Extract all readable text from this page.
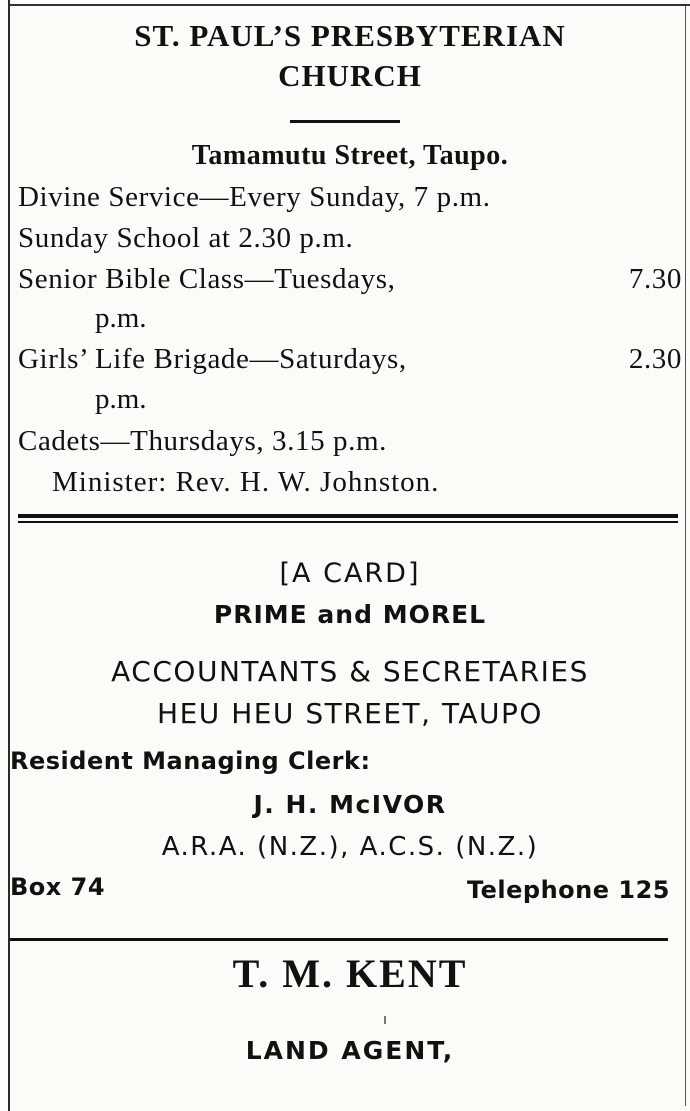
ST. PAUL’S PRESBYTERIAN
CHURCH
Tamamutu Street, Taupo.
Divine Service—Every Sunday, 7 p.m.
Sunday School at 2.30 p.m.
Senior Bible Class—Tuesdays,	7.30
p.m.
Girls’ Life Brigade—Saturdays,	2.30
p.m.
Cadets—Thursdays, 3.15 p.m.
Minister: Rev. H. W. Johnston.
[A CARD]
PRIME and MOREL
ACCOUNTANTS & SECRETARIES
HEU HEU STREET, TAUPO
Resident Managing Clerk:
J. H. McIVOR
A.R.A. (N.Z.), A.C.S. (N.Z.)
Box 74	Telephone 125
T. M. KENT
LAND AGENT,
